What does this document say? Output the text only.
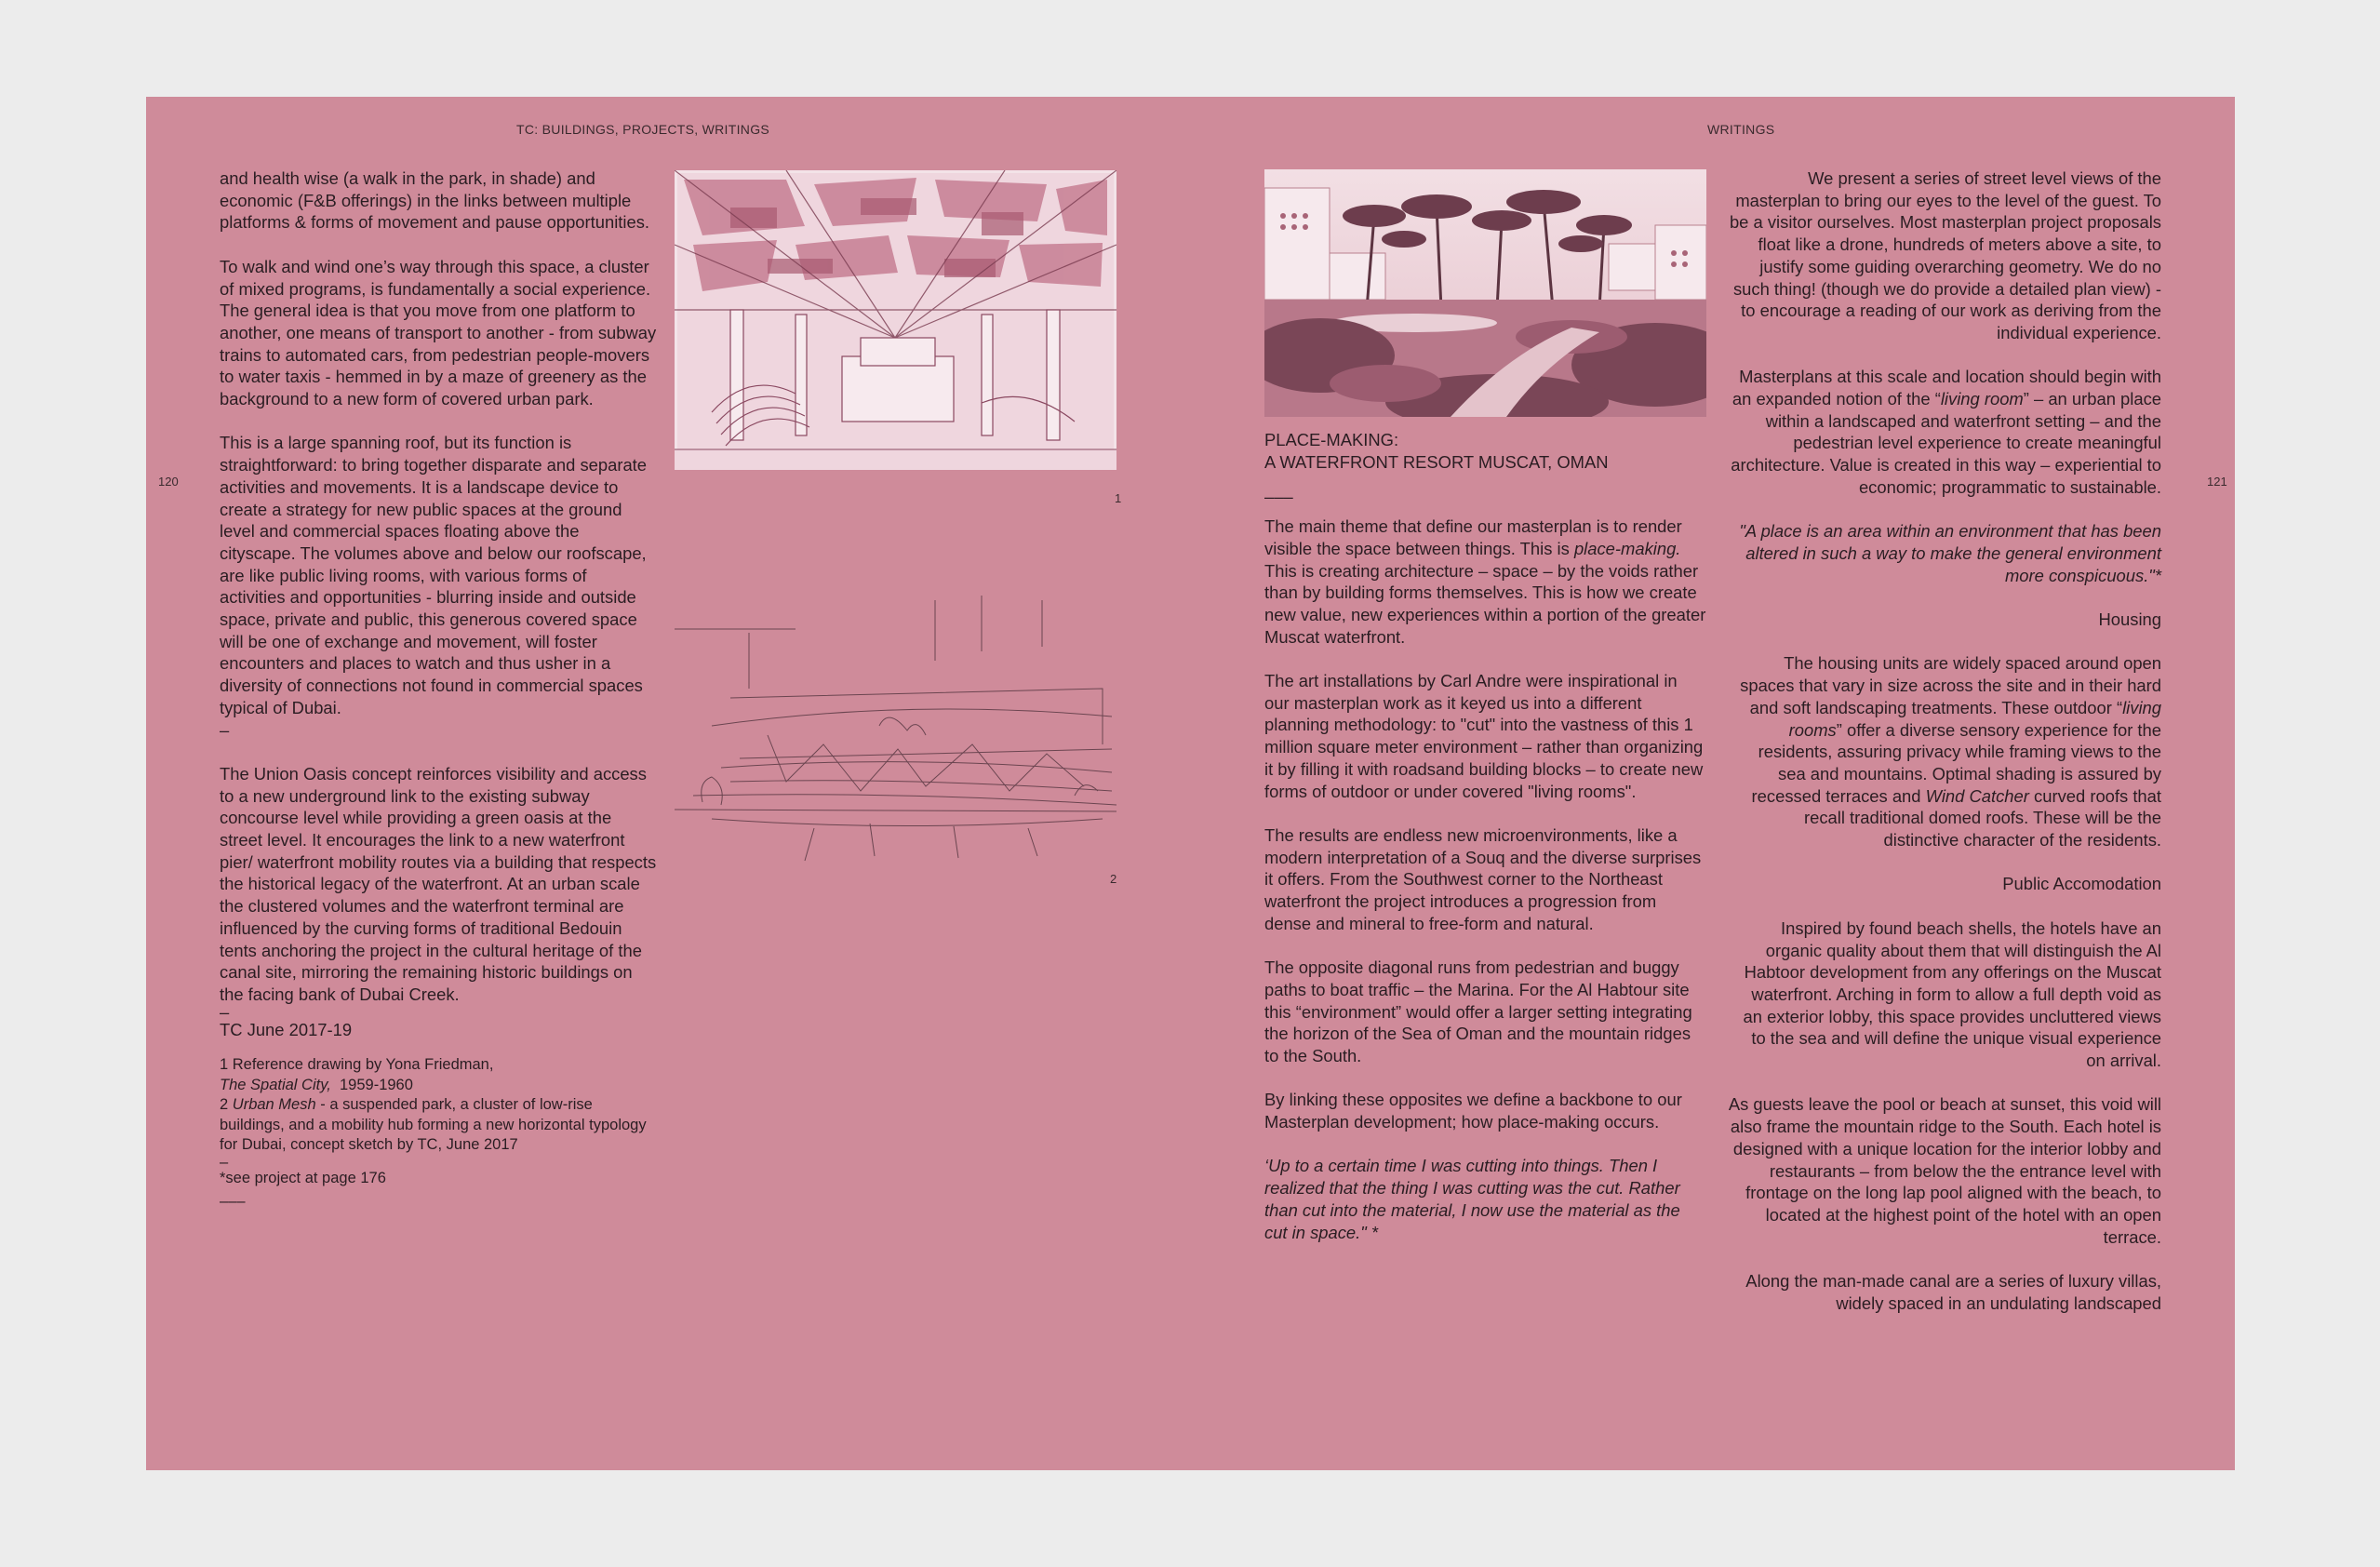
TC: BUILDINGS, PROJECTS, WRITINGS	WRITINGS
120	121

and health wise (a walk in the park, in shade) and economic (F&B offerings) in the links between multiple platforms & forms of movement and pause opportunities.

To walk and wind one’s way through this space, a cluster of mixed programs, is fundamentally a social experience. The general idea is that you move from one platform to another, one means of transport to another - from subway trains to automated cars, from pedestrian people-movers to water taxis - hemmed in by a maze of greenery as the background to a new form of covered urban park.

This is a large spanning roof, but its function is straightforward: to bring together disparate and separate activities and movements. It is a landscape device to create a strategy for new public spaces at the ground level and commercial spaces floating above the cityscape. The volumes above and below our roofscape, are like public living rooms, with various forms of activities and opportunities - blurring inside and outside space, private and public, this generous covered space will be one of exchange and movement, will foster encounters and places to watch and thus usher in a diversity of connections not found in commercial spaces typical of Dubai.

–

The Union Oasis concept reinforces visibility and access to a new underground link to the existing subway concourse level while providing a green oasis at the street level. It encourages the link to a new waterfront pier/ waterfront mobility routes via a building that respects the historical legacy of the waterfront. At an urban scale the clustered volumes and the waterfront terminal are influenced by the curving forms of traditional Bedouin tents anchoring the project in the cultural heritage of the canal site, mirroring the remaining historic buildings on the facing bank of Dubai Creek.

–
TC June 2017-19
1 Reference drawing by Yona Friedman,
The Spatial City, 1959-1960
2 Urban Mesh - a suspended park, a cluster of low-rise buildings, and a mobility hub forming a new horizontal typology for Dubai, concept sketch by TC, June 2017
–
*see project at page 176
–––
1
2
PLACE-MAKING:
A WATERFRONT RESORT MUSCAT, OMAN

–––

The main theme that define our masterplan is to render visible the space between things. This is place-making. This is creating architecture – space – by the voids rather than by building forms themselves. This is how we create new value, new experiences within a portion of the greater Muscat waterfront.

The art installations by Carl Andre were inspirational in our masterplan work as it keyed us into a different planning methodology: to "cut" into the vastness of this 1 million square meter environment – rather than organizing it by filling it with roadsand building blocks – to create new forms of outdoor or under covered "living rooms".

The results are endless new microenvironments, like a modern interpretation of a Souq and the diverse surprises it offers. From the Southwest corner to the Northeast waterfront the project introduces a progression from dense and mineral to free-form and natural.

The opposite diagonal runs from pedestrian and buggy paths to boat traffic – the Marina. For the Al Habtour site this “environment” would offer a larger setting integrating the horizon of the Sea of Oman and the mountain ridges to the South.

By linking these opposites we define a backbone to our Masterplan development; how place-making occurs.

‘Up to a certain time I was cutting into things. Then I realized that the thing I was cutting was the cut. Rather than cut into the material, I now use the material as the cut in space." *

We present a series of street level views of the masterplan to bring our eyes to the level of the guest. To be a visitor ourselves. Most masterplan project proposals float like a drone, hundreds of meters above a site, to justify some guiding overarching geometry. We do no such thing! (though we do provide a detailed plan view) - to encourage a reading of our work as deriving from the individual experience.

Masterplans at this scale and location should begin with an expanded notion of the “living room” – an urban place within a landscaped and waterfront setting – and the pedestrian level experience to create meaningful architecture. Value is created in this way – experiential to economic; programmatic to sustainable.

"A place is an area within an environment that has been altered in such a way to make the general environment more conspicuous."*

Housing

The housing units are widely spaced around open spaces that vary in size across the site and in their hard and soft landscaping treatments. These outdoor “living rooms” offer a diverse sensory experience for the residents, assuring privacy while framing views to the sea and mountains. Optimal shading is assured by recessed terraces and Wind Catcher curved roofs that recall traditional domed roofs. These will be the distinctive character of the residents.

Public Accomodation

Inspired by found beach shells, the hotels have an organic quality about them that will distinguish the Al Habtoor development from any offerings on the Muscat waterfront. Arching in form to allow a full depth void as an exterior lobby, this space provides uncluttered views to the sea and will define the unique visual experience on arrival.

As guests leave the pool or beach at sunset, this void will also frame the mountain ridge to the South. Each hotel is designed with a unique location for the interior lobby and restaurants – from below the the entrance level with frontage on the long lap pool aligned with the beach, to located at the highest point of the hotel with an open terrace.

Along the man-made canal are a series of luxury villas, widely spaced in an undulating landscaped
